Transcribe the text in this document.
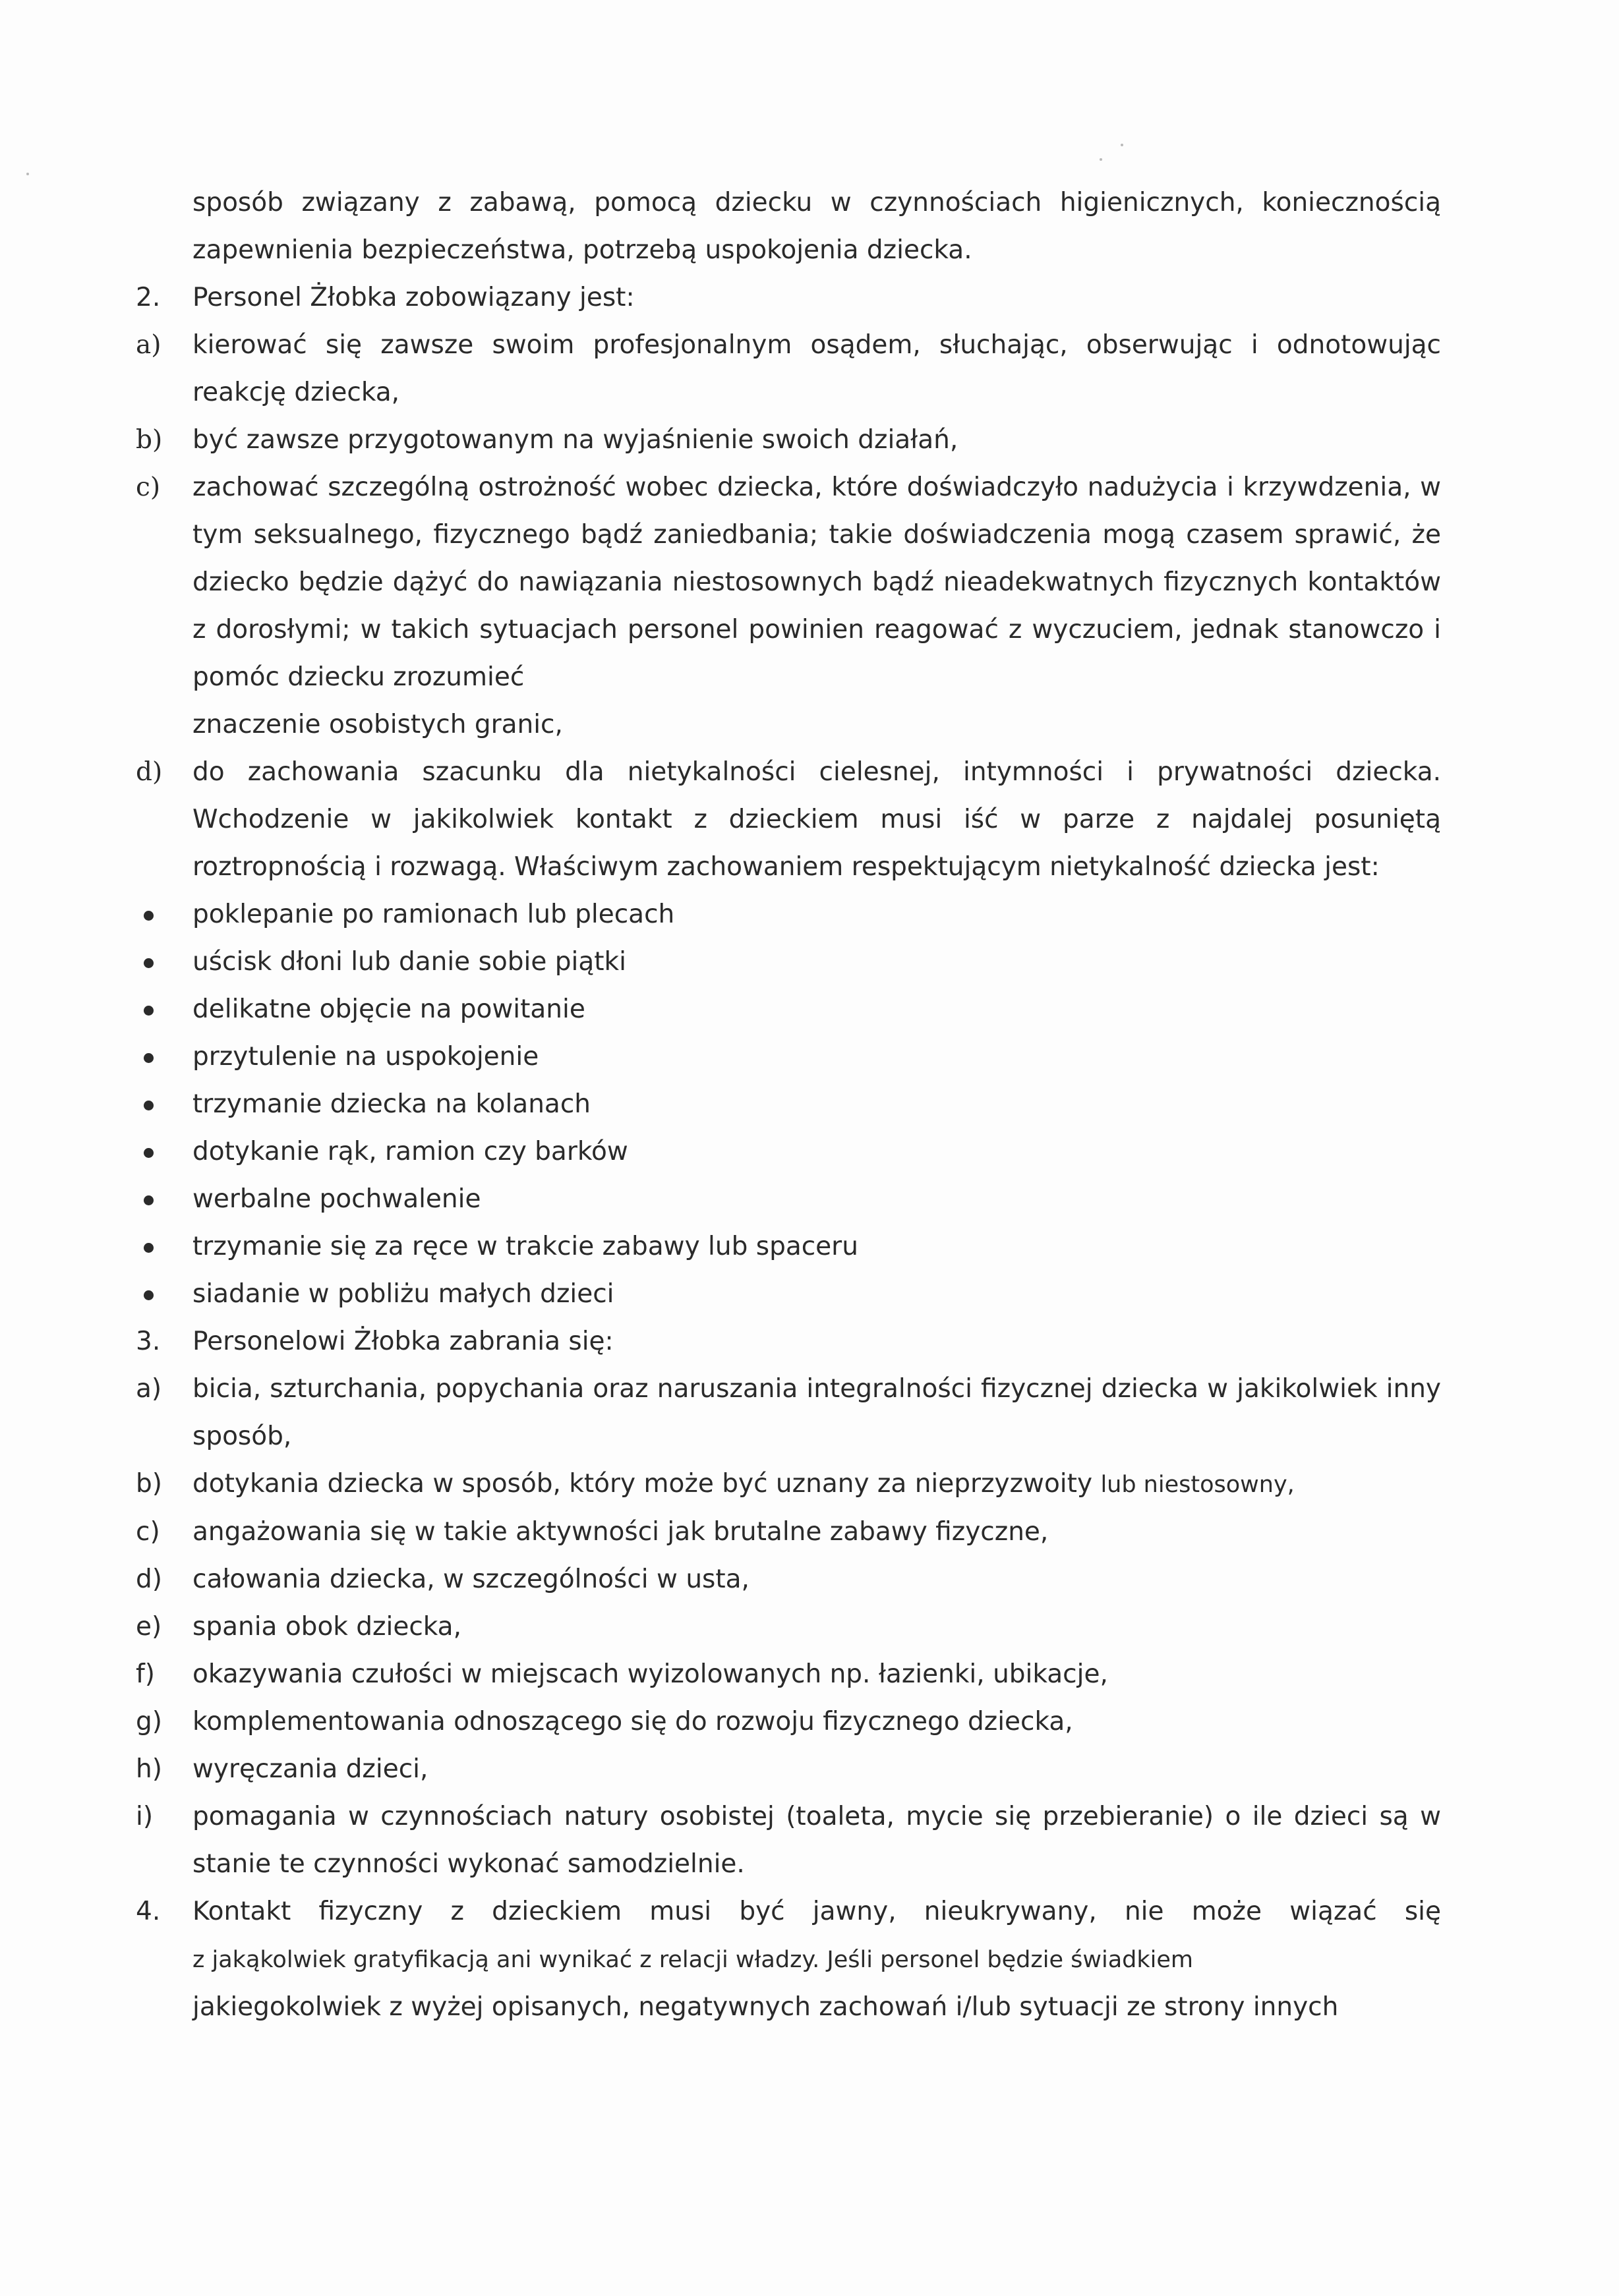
sposób związany z zabawą, pomocą dziecku w czynnościach higienicznych, koniecznością zapewnienia bezpieczeństwa, potrzebą uspokojenia dziecka.
2.	Personel Żłobka zobowiązany jest:
a)	kierować się zawsze swoim profesjonalnym osądem, słuchając, obserwując i odnotowując reakcję dziecka,
b)	być zawsze przygotowanym na wyjaśnienie swoich działań,
c)	zachować szczególną ostrożność wobec dziecka, które doświadczyło nadużycia i krzywdzenia, w tym seksualnego, fizycznego bądź zaniedbania; takie doświadczenia mogą czasem sprawić, że dziecko będzie dążyć do nawiązania niestosownych bądź nieadekwatnych fizycznych kontaktów z dorosłymi; w takich sytuacjach personel powinien reagować z wyczuciem, jednak stanowczo i pomóc dziecku zrozumieć
znaczenie osobistych granic,
d)	do zachowania szacunku dla nietykalności cielesnej, intymności i prywatności dziecka. Wchodzenie w jakikolwiek kontakt z dzieckiem musi iść w parze z najdalej posuniętą roztropnością i rozwagą. Właściwym zachowaniem respektującym nietykalność dziecka jest:
poklepanie po ramionach lub plecach
uścisk dłoni lub danie sobie piątki
delikatne objęcie na powitanie
przytulenie na uspokojenie
trzymanie dziecka na kolanach
dotykanie rąk, ramion czy barków
werbalne pochwalenie
trzymanie się za ręce w trakcie zabawy lub spaceru
siadanie w pobliżu małych dzieci
3.	Personelowi Żłobka zabrania się:
a)	bicia, szturchania, popychania oraz naruszania integralności fizycznej dziecka w jakikolwiek inny sposób,
b)	dotykania dziecka w sposób, który może być uznany za nieprzyzwoity lub niestosowny,
c)	angażowania się w takie aktywności jak brutalne zabawy fizyczne,
d)	całowania dziecka, w szczególności w usta,
e)	spania obok dziecka,
f)	okazywania czułości w miejscach wyizolowanych np. łazienki, ubikacje,
g)	komplementowania odnoszącego się do rozwoju fizycznego dziecka,
h)	wyręczania dzieci,
i)	pomagania w czynnościach natury osobistej (toaleta, mycie się przebieranie) o ile dzieci są w stanie te czynności wykonać samodzielnie.
4.	Kontakt fizyczny z dzieckiem musi być jawny, nieukrywany, nie może wiązać się
z jakąkolwiek gratyfikacją ani wynikać z relacji władzy. Jeśli personel będzie świadkiem
jakiegokolwiek z wyżej opisanych, negatywnych zachowań i/lub sytuacji ze strony innych
